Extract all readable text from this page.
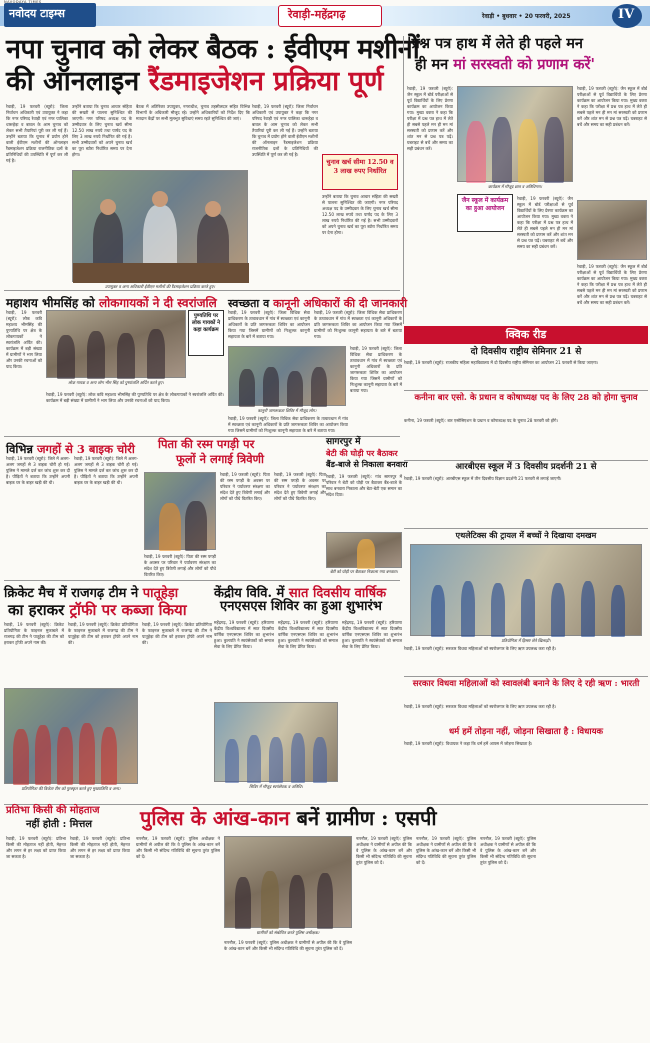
नवोदय टाइम्स
NAVODAYA TIMES
रेवाड़ी-महेंद्रगढ़	रेवाड़ी • बुधवार • 20 फरवरी, 2025	IV
नपा चुनाव को लेकर बैठक : ईवीएम मशीनों
की ऑनलाइन रैंडमाइजेशन प्रक्रिया पूर्ण
रेवाड़ी, 19 फरवरी (ब्यूरो): जिला निर्वाचन अधिकारी एवं उपायुक्त ने कहा कि नगर परिषद रेवाड़ी एवं नगर पालिका धारूहेड़ा व बावल के आम चुनाव को लेकर सभी तैयारियां पूरी कर ली गई हैं। उन्होंने बताया कि चुनाव में प्रयोग होने वाली ईवीएम मशीनों की ऑनलाइन रैंडमाइजेशन प्रक्रिया राजनीतिक दलों के प्रतिनिधियों की उपस्थिति में पूर्ण कर ली गई है।
उन्होंने बताया कि चुनाव आचार संहिता की सख्ती से पालना सुनिश्चित की जाएगी। नगर परिषद अध्यक्ष पद के उम्मीदवार के लिए चुनाव खर्च सीमा 12.50 लाख रुपये तथा पार्षद पद के लिए 3 लाख रुपये निर्धारित की गई है। सभी उम्मीदवारों को अपने चुनाव खर्च का पूरा ब्योरा निर्धारित समय पर देना होगा।
उपायुक्त व अन्य अधिकारी ईवीएम मशीनों की रैंडमाइजेशन प्रक्रिया करते हुए।
बैठक में अतिरिक्त उपायुक्त, नगराधीश, चुनाव तहसीलदार सहित विभिन्न विभागों के अधिकारी मौजूद रहे। उन्होंने अधिकारियों को निर्देश दिए कि मतदान केंद्रों पर सभी मूलभूत सुविधाएं समय रहते सुनिश्चित की जाएं।
रेवाड़ी, 19 फरवरी (ब्यूरो): जिला निर्वाचन अधिकारी एवं उपायुक्त ने कहा कि नगर परिषद रेवाड़ी एवं नगर पालिका धारूहेड़ा व बावल के आम चुनाव को लेकर सभी तैयारियां पूरी कर ली गई हैं। उन्होंने बताया कि चुनाव में प्रयोग होने वाली ईवीएम मशीनों की ऑनलाइन रैंडमाइजेशन प्रक्रिया राजनीतिक दलों के प्रतिनिधियों की उपस्थिति में पूर्ण कर ली गई है।
चुनाव खर्च सीमा 12.50 व 3 लाख रुपए निर्धारित
उन्होंने बताया कि चुनाव आचार संहिता की सख्ती से पालना सुनिश्चित की जाएगी। नगर परिषद अध्यक्ष पद के उम्मीदवार के लिए चुनाव खर्च सीमा 12.50 लाख रुपये तथा पार्षद पद के लिए 3 लाख रुपये निर्धारित की गई है। सभी उम्मीदवारों को अपने चुनाव खर्च का पूरा ब्योरा निर्धारित समय पर देना होगा।
'प्रश्न पत्र हाथ में लेते ही पहले मन
ही मन मां सरस्वती को प्रणाम करें'
रेवाड़ी, 19 फरवरी (ब्यूरो): जैन स्कूल में बोर्ड परीक्षाओं से पूर्व विद्यार्थियों के लिए प्रेरणा कार्यक्रम का आयोजन किया गया। मुख्य वक्ता ने कहा कि परीक्षा में प्रश्न पत्र हाथ में लेते ही सबसे पहले मन ही मन मां सरस्वती को प्रणाम करें और शांत मन से प्रश्न पत्र पढ़ें। घबराहट से बचें और समय का सही प्रबंधन करें।
कार्यक्रम में मौजूद छात्र व अतिथिगण।
रेवाड़ी, 19 फरवरी (ब्यूरो): जैन स्कूल में बोर्ड परीक्षाओं से पूर्व विद्यार्थियों के लिए प्रेरणा कार्यक्रम का आयोजन किया गया। मुख्य वक्ता ने कहा कि परीक्षा में प्रश्न पत्र हाथ में लेते ही सबसे पहले मन ही मन मां सरस्वती को प्रणाम करें और शांत मन से प्रश्न पत्र पढ़ें। घबराहट से बचें और समय का सही प्रबंधन करें।
जैन स्कूल में कार्यक्रम का हुआ आयोजन
रेवाड़ी, 19 फरवरी (ब्यूरो): जैन स्कूल में बोर्ड परीक्षाओं से पूर्व विद्यार्थियों के लिए प्रेरणा कार्यक्रम का आयोजन किया गया। मुख्य वक्ता ने कहा कि परीक्षा में प्रश्न पत्र हाथ में लेते ही सबसे पहले मन ही मन मां सरस्वती को प्रणाम करें और शांत मन से प्रश्न पत्र पढ़ें। घबराहट से बचें और समय का सही प्रबंधन करें।
रेवाड़ी, 19 फरवरी (ब्यूरो): जैन स्कूल में बोर्ड परीक्षाओं से पूर्व विद्यार्थियों के लिए प्रेरणा कार्यक्रम का आयोजन किया गया। मुख्य वक्ता ने कहा कि परीक्षा में प्रश्न पत्र हाथ में लेते ही सबसे पहले मन ही मन मां सरस्वती को प्रणाम करें और शांत मन से प्रश्न पत्र पढ़ें। घबराहट से बचें और समय का सही प्रबंधन करें।
महाशय भीमसिंह को लोकगायकों ने दी स्वरांजलि
रेवाड़ी, 19 फरवरी (ब्यूरो): लोक कवि महाशय भीमसिंह की पुण्यतिथि पर क्षेत्र के लोकगायकों ने स्वरांजलि अर्पित की। कार्यक्रम में बड़ी संख्या में ग्रामीणों ने भाग लिया और उनकी रचनाओं को याद किया।
पुण्यतिथि पर लोक गायकों ने कहा कार्यक्रम
लोक गायक व अन्य लोग भीम सिंह को पुष्पांजलि अर्पित करते हुए।
रेवाड़ी, 19 फरवरी (ब्यूरो): लोक कवि महाशय भीमसिंह की पुण्यतिथि पर क्षेत्र के लोकगायकों ने स्वरांजलि अर्पित की। कार्यक्रम में बड़ी संख्या में ग्रामीणों ने भाग लिया और उनकी रचनाओं को याद किया।
स्वच्छता व कानूनी अधिकारों की दी जानकारी
रेवाड़ी, 19 फरवरी (ब्यूरो): जिला विधिक सेवा प्राधिकरण के तत्वावधान में गांव में स्वच्छता एवं कानूनी अधिकारों के प्रति जागरूकता शिविर का आयोजन किया गया जिसमें ग्रामीणों को निःशुल्क कानूनी सहायता के बारे में बताया गया।
कानूनी जागरूकता शिविर में मौजूद लोग।
रेवाड़ी, 19 फरवरी (ब्यूरो): जिला विधिक सेवा प्राधिकरण के तत्वावधान में गांव में स्वच्छता एवं कानूनी अधिकारों के प्रति जागरूकता शिविर का आयोजन किया गया जिसमें ग्रामीणों को निःशुल्क कानूनी सहायता के बारे में बताया गया।
रेवाड़ी, 19 फरवरी (ब्यूरो): जिला विधिक सेवा प्राधिकरण के तत्वावधान में गांव में स्वच्छता एवं कानूनी अधिकारों के प्रति जागरूकता शिविर का आयोजन किया गया जिसमें ग्रामीणों को निःशुल्क कानूनी सहायता के बारे में बताया गया।
रेवाड़ी, 19 फरवरी (ब्यूरो): जिला विधिक सेवा प्राधिकरण के तत्वावधान में गांव में स्वच्छता एवं कानूनी अधिकारों के प्रति जागरूकता शिविर का आयोजन किया गया जिसमें ग्रामीणों को निःशुल्क कानूनी सहायता के बारे में बताया गया।
क्विक रीड
दो दिवसीय राष्ट्रीय सेमिनार 21 से
रेवाड़ी, 19 फरवरी (ब्यूरो): राजकीय महिला महाविद्यालय में दो दिवसीय राष्ट्रीय सेमिनार का आयोजन 21 फरवरी से किया जाएगा।
कनीना बार एसो. के प्रधान व कोषाध्यक्ष पद के लिए 28 को होगा चुनाव
कनीना, 19 फरवरी (ब्यूरो): बार एसोसिएशन के प्रधान व कोषाध्यक्ष पद के चुनाव 28 फरवरी को होंगे।
आरबीएस स्कूल में 3 दिवसीय प्रदर्शनी 21 से
रेवाड़ी, 19 फरवरी (ब्यूरो): आरबीएस स्कूल में तीन दिवसीय विज्ञान प्रदर्शनी 21 फरवरी से लगाई जाएगी।
एथलेटिक्स की ट्रायल में बच्चों ने दिखाया दमखम
प्रतियोगिता में हिस्सा लेते खिलाड़ी।
रेवाड़ी, 19 फरवरी (ब्यूरो): सरकार विधवा महिलाओं को स्वरोजगार के लिए ऋण उपलब्ध करा रही है।
सरकार विधवा महिलाओं को स्वावलंबी बनाने के लिए दे रही ऋण : भारती
रेवाड़ी, 19 फरवरी (ब्यूरो): सरकार विधवा महिलाओं को स्वरोजगार के लिए ऋण उपलब्ध करा रही है।
विभिन्न जगहों से 3 बाइक चोरी
रेवाड़ी, 19 फरवरी (ब्यूरो): जिले में अलग-अलग जगहों से 3 बाइक चोरी हो गई। पुलिस ने मामले दर्ज कर जांच शुरू कर दी है। पीड़ितों ने बताया कि उन्होंने अपनी बाइक घर के बाहर खड़ी की थी।
रेवाड़ी, 19 फरवरी (ब्यूरो): जिले में अलग-अलग जगहों से 3 बाइक चोरी हो गई। पुलिस ने मामले दर्ज कर जांच शुरू कर दी है। पीड़ितों ने बताया कि उन्होंने अपनी बाइक घर के बाहर खड़ी की थी।
पिता की रस्म पगड़ी पर
फूलों ने लगाई त्रिवेणी
रेवाड़ी, 19 फरवरी (ब्यूरो): पिता की रस्म पगड़ी के अवसर पर परिवार ने पर्यावरण संरक्षण का संदेश देते हुए त्रिवेणी लगाई और लोगों को पौधे वितरित किए।
रेवाड़ी, 19 फरवरी (ब्यूरो): पिता की रस्म पगड़ी के अवसर पर परिवार ने पर्यावरण संरक्षण का संदेश देते हुए त्रिवेणी लगाई और लोगों को पौधे वितरित किए।
रेवाड़ी, 19 फरवरी (ब्यूरो): पिता की रस्म पगड़ी के अवसर पर परिवार ने पर्यावरण संरक्षण का संदेश देते हुए त्रिवेणी लगाई और लोगों को पौधे वितरित किए।
सागरपुर में
बेटी की घोड़ी पर बैठाकर
बैंड-बाजे से निकाला बनवारा
रेवाड़ी, 19 फरवरी (ब्यूरो): गांव सागरपुर में परिवार ने बेटी को घोड़ी पर बैठाकर बैंड-बाजे के साथ बनवारा निकाला और बेटा-बेटी एक समान का संदेश दिया।
बेटी को घोड़ी पर बैठाकर निकाला गया बनवारा।
क्रिकेट मैच में राजगढ़ टीम ने पातूहेड़ा
का हराकर ट्रॉफी पर कब्जा किया
रेवाड़ी, 19 फरवरी (ब्यूरो): क्रिकेट प्रतियोगिता के फाइनल मुकाबले में राजगढ़ की टीम ने पातूहेड़ा की टीम को हराकर ट्रॉफी अपने नाम की।
रेवाड़ी, 19 फरवरी (ब्यूरो): क्रिकेट प्रतियोगिता के फाइनल मुकाबले में राजगढ़ की टीम ने पातूहेड़ा की टीम को हराकर ट्रॉफी अपने नाम की।
रेवाड़ी, 19 फरवरी (ब्यूरो): क्रिकेट प्रतियोगिता के फाइनल मुकाबले में राजगढ़ की टीम ने पातूहेड़ा की टीम को हराकर ट्रॉफी अपने नाम की।
प्रतियोगिता की विजेता टीम को पुरस्कृत करते हुए मुख्यातिथि व अन्य।
केंद्रीय विवि. में सात दिवसीय वार्षिक
एनएसएस शिविर का हुआ शुभारंभ
महेंद्रगढ़, 19 फरवरी (ब्यूरो): हरियाणा केंद्रीय विश्वविद्यालय में सात दिवसीय वार्षिक एनएसएस शिविर का शुभारंभ हुआ। कुलपति ने स्वयंसेवकों को समाज सेवा के लिए प्रेरित किया।
महेंद्रगढ़, 19 फरवरी (ब्यूरो): हरियाणा केंद्रीय विश्वविद्यालय में सात दिवसीय वार्षिक एनएसएस शिविर का शुभारंभ हुआ। कुलपति ने स्वयंसेवकों को समाज सेवा के लिए प्रेरित किया।
महेंद्रगढ़, 19 फरवरी (ब्यूरो): हरियाणा केंद्रीय विश्वविद्यालय में सात दिवसीय वार्षिक एनएसएस शिविर का शुभारंभ हुआ। कुलपति ने स्वयंसेवकों को समाज सेवा के लिए प्रेरित किया।
शिविर में मौजूद स्वयंसेवक व अतिथि।
धर्म हमें तोड़ना नहीं, जोड़ना सिखाता है : विधायक
रेवाड़ी, 19 फरवरी (ब्यूरो): विधायक ने कहा कि धर्म हमें आपस में जोड़ना सिखाता है।
प्रतिभा किसी की मोहताज
नहीं होती : मित्तल
रेवाड़ी, 19 फरवरी (ब्यूरो): प्रतिभा किसी की मोहताज नहीं होती, मेहनत और लगन से हर लक्ष्य को प्राप्त किया जा सकता है।
रेवाड़ी, 19 फरवरी (ब्यूरो): प्रतिभा किसी की मोहताज नहीं होती, मेहनत और लगन से हर लक्ष्य को प्राप्त किया जा सकता है।
पुलिस के आंख-कान बनें ग्रामीण : एसपी
नारनौल, 19 फरवरी (ब्यूरो): पुलिस अधीक्षक ने ग्रामीणों से अपील की कि वे पुलिस के आंख-कान बनें और किसी भी संदिग्ध गतिविधि की सूचना तुरंत पुलिस को दें।
ग्रामीणों को संबोधित करते पुलिस अधीक्षक।
नारनौल, 19 फरवरी (ब्यूरो): पुलिस अधीक्षक ने ग्रामीणों से अपील की कि वे पुलिस के आंख-कान बनें और किसी भी संदिग्ध गतिविधि की सूचना तुरंत पुलिस को दें।
नारनौल, 19 फरवरी (ब्यूरो): पुलिस अधीक्षक ने ग्रामीणों से अपील की कि वे पुलिस के आंख-कान बनें और किसी भी संदिग्ध गतिविधि की सूचना तुरंत पुलिस को दें।
नारनौल, 19 फरवरी (ब्यूरो): पुलिस अधीक्षक ने ग्रामीणों से अपील की कि वे पुलिस के आंख-कान बनें और किसी भी संदिग्ध गतिविधि की सूचना तुरंत पुलिस को दें।
नारनौल, 19 फरवरी (ब्यूरो): पुलिस अधीक्षक ने ग्रामीणों से अपील की कि वे पुलिस के आंख-कान बनें और किसी भी संदिग्ध गतिविधि की सूचना तुरंत पुलिस को दें।
